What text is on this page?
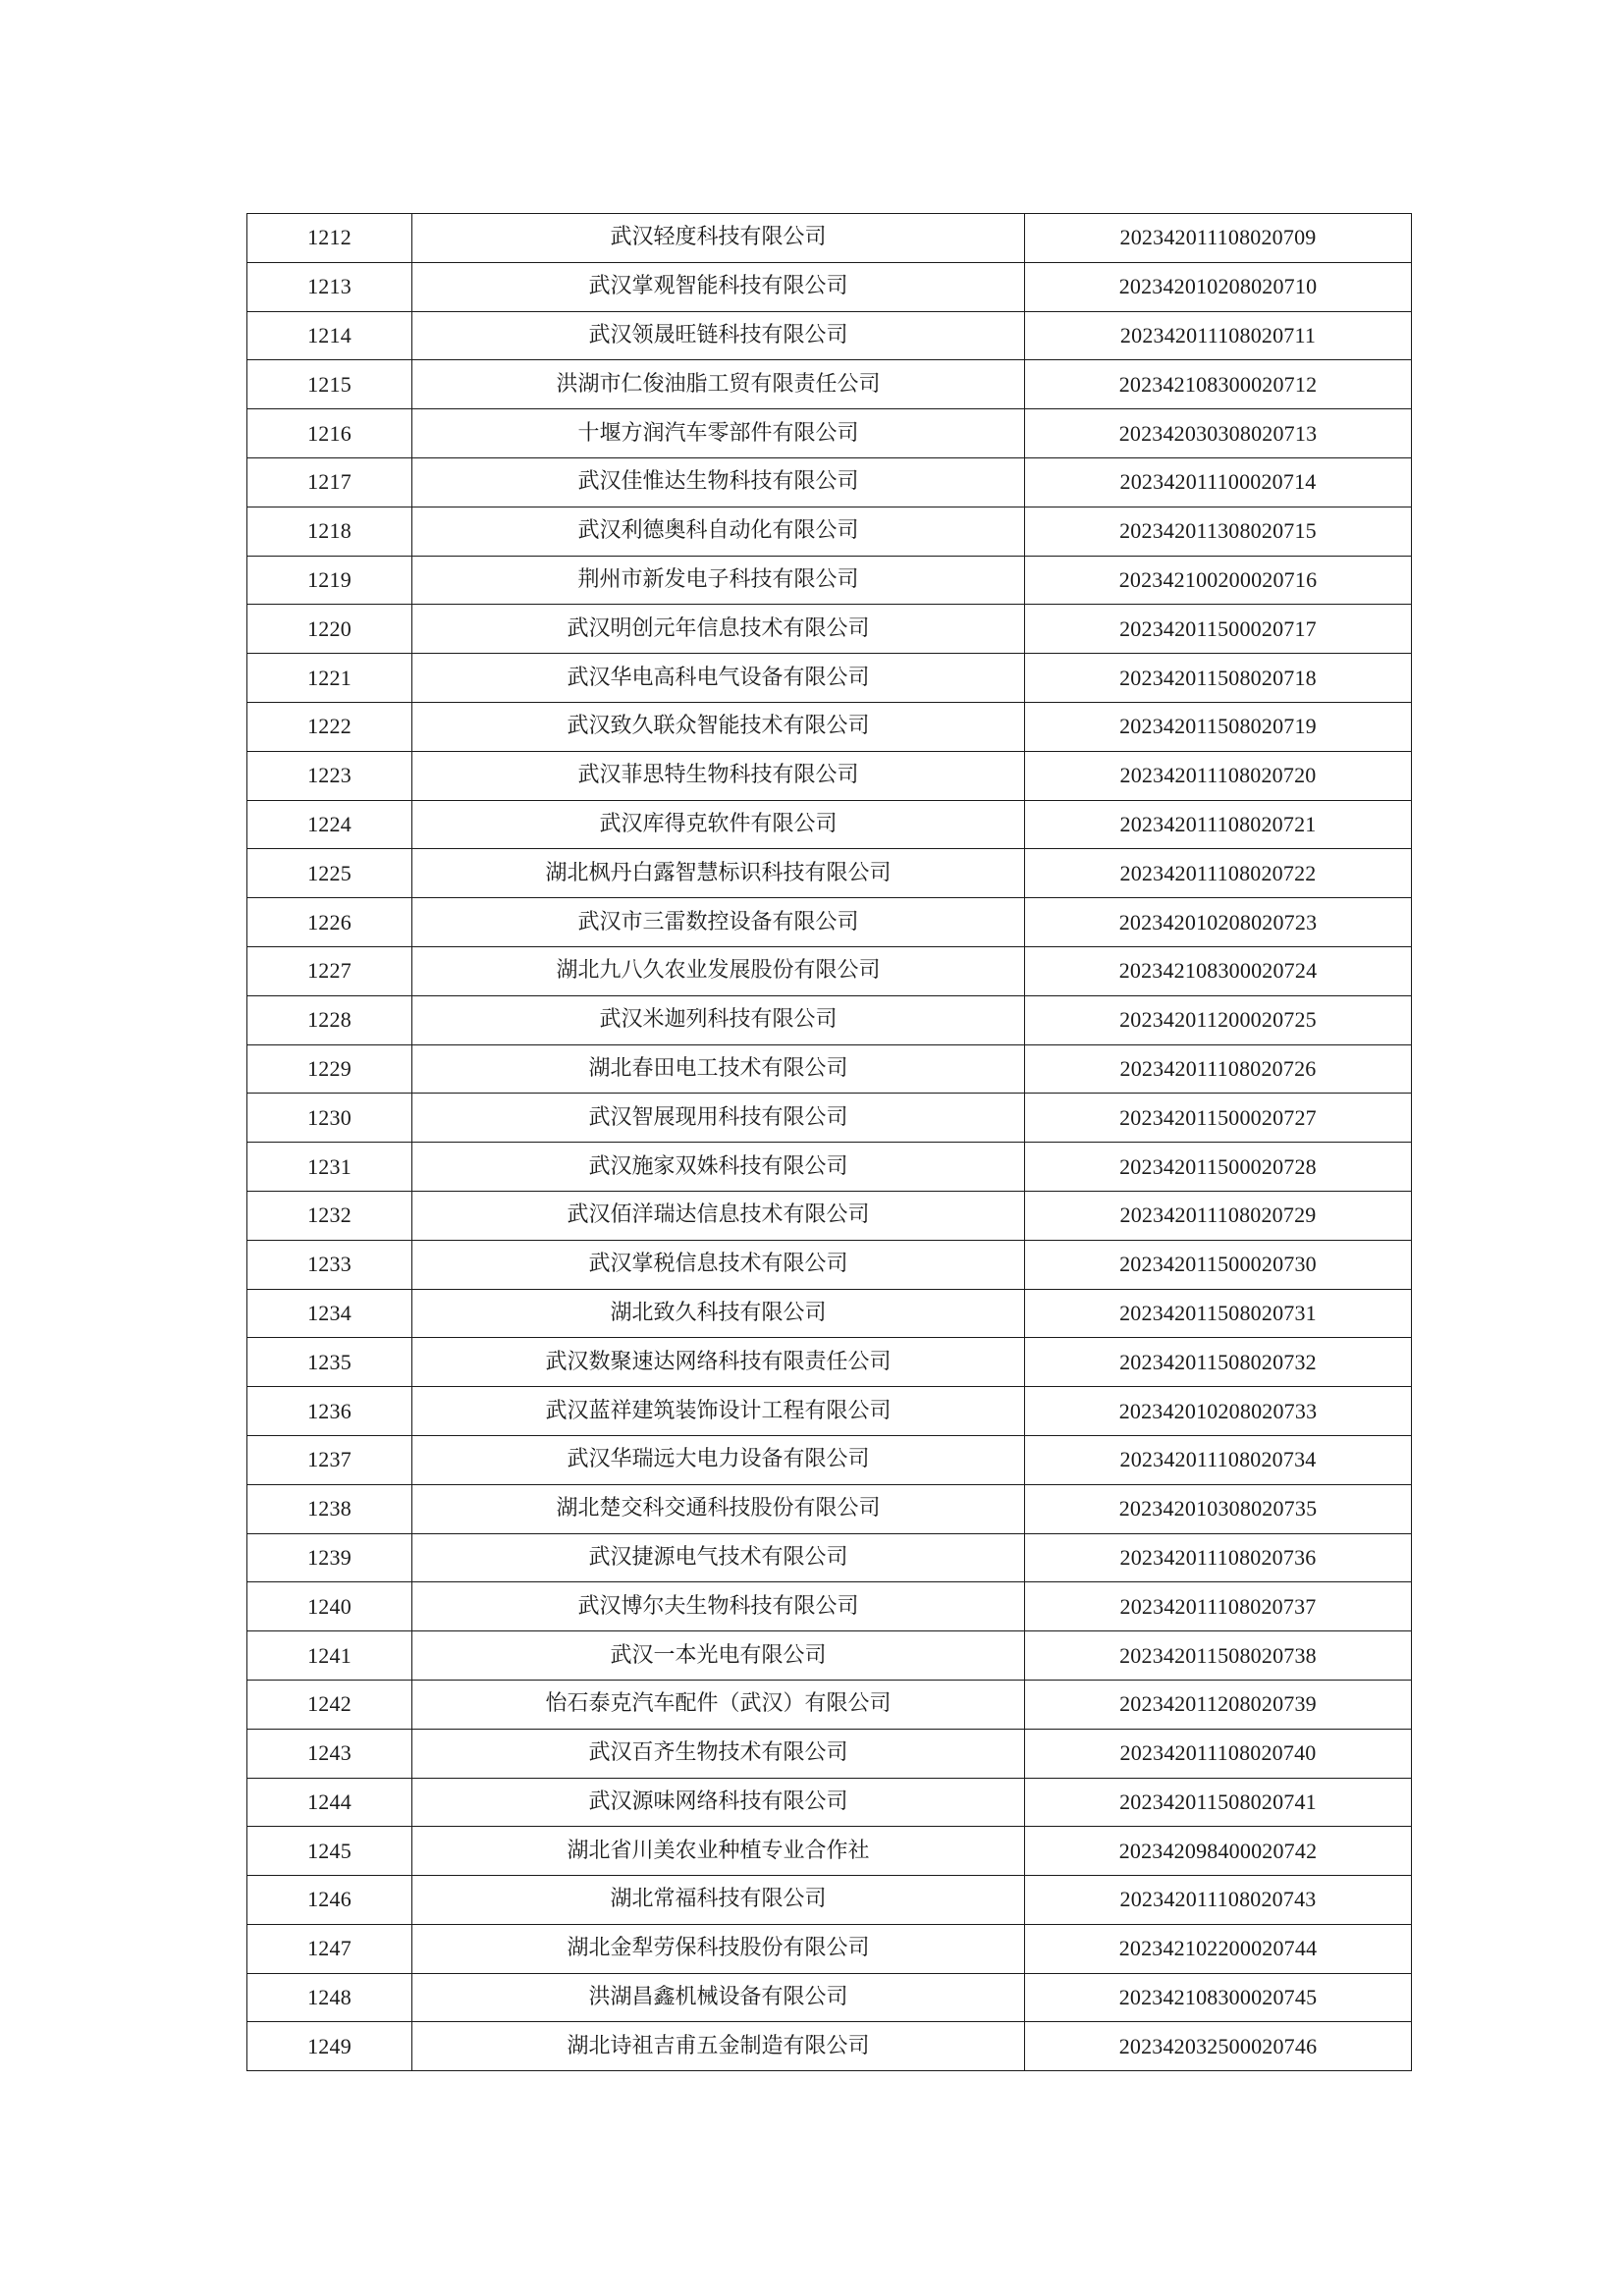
1212	武汉轻度科技有限公司	202342011108020709
1213	武汉掌观智能科技有限公司	202342010208020710
1214	武汉领晟旺链科技有限公司	202342011108020711
1215	洪湖市仁俊油脂工贸有限责任公司	202342108300020712
1216	十堰方润汽车零部件有限公司	202342030308020713
1217	武汉佳惟达生物科技有限公司	202342011100020714
1218	武汉利德奥科自动化有限公司	202342011308020715
1219	荆州市新发电子科技有限公司	202342100200020716
1220	武汉明创元年信息技术有限公司	202342011500020717
1221	武汉华电高科电气设备有限公司	202342011508020718
1222	武汉致久联众智能技术有限公司	202342011508020719
1223	武汉菲思特生物科技有限公司	202342011108020720
1224	武汉库得克软件有限公司	202342011108020721
1225	湖北枫丹白露智慧标识科技有限公司	202342011108020722
1226	武汉市三雷数控设备有限公司	202342010208020723
1227	湖北九八久农业发展股份有限公司	202342108300020724
1228	武汉米迦列科技有限公司	202342011200020725
1229	湖北春田电工技术有限公司	202342011108020726
1230	武汉智展现用科技有限公司	202342011500020727
1231	武汉施家双姝科技有限公司	202342011500020728
1232	武汉佰洋瑞达信息技术有限公司	202342011108020729
1233	武汉掌税信息技术有限公司	202342011500020730
1234	湖北致久科技有限公司	202342011508020731
1235	武汉数聚速达网络科技有限责任公司	202342011508020732
1236	武汉蓝祥建筑装饰设计工程有限公司	202342010208020733
1237	武汉华瑞远大电力设备有限公司	202342011108020734
1238	湖北楚交科交通科技股份有限公司	202342010308020735
1239	武汉捷源电气技术有限公司	202342011108020736
1240	武汉博尔夫生物科技有限公司	202342011108020737
1241	武汉一本光电有限公司	202342011508020738
1242	怡石泰克汽车配件（武汉）有限公司	202342011208020739
1243	武汉百齐生物技术有限公司	202342011108020740
1244	武汉源味网络科技有限公司	202342011508020741
1245	湖北省川美农业种植专业合作社	202342098400020742
1246	湖北常福科技有限公司	202342011108020743
1247	湖北金犁劳保科技股份有限公司	202342102200020744
1248	洪湖昌鑫机械设备有限公司	202342108300020745
1249	湖北诗祖吉甫五金制造有限公司	202342032500020746
